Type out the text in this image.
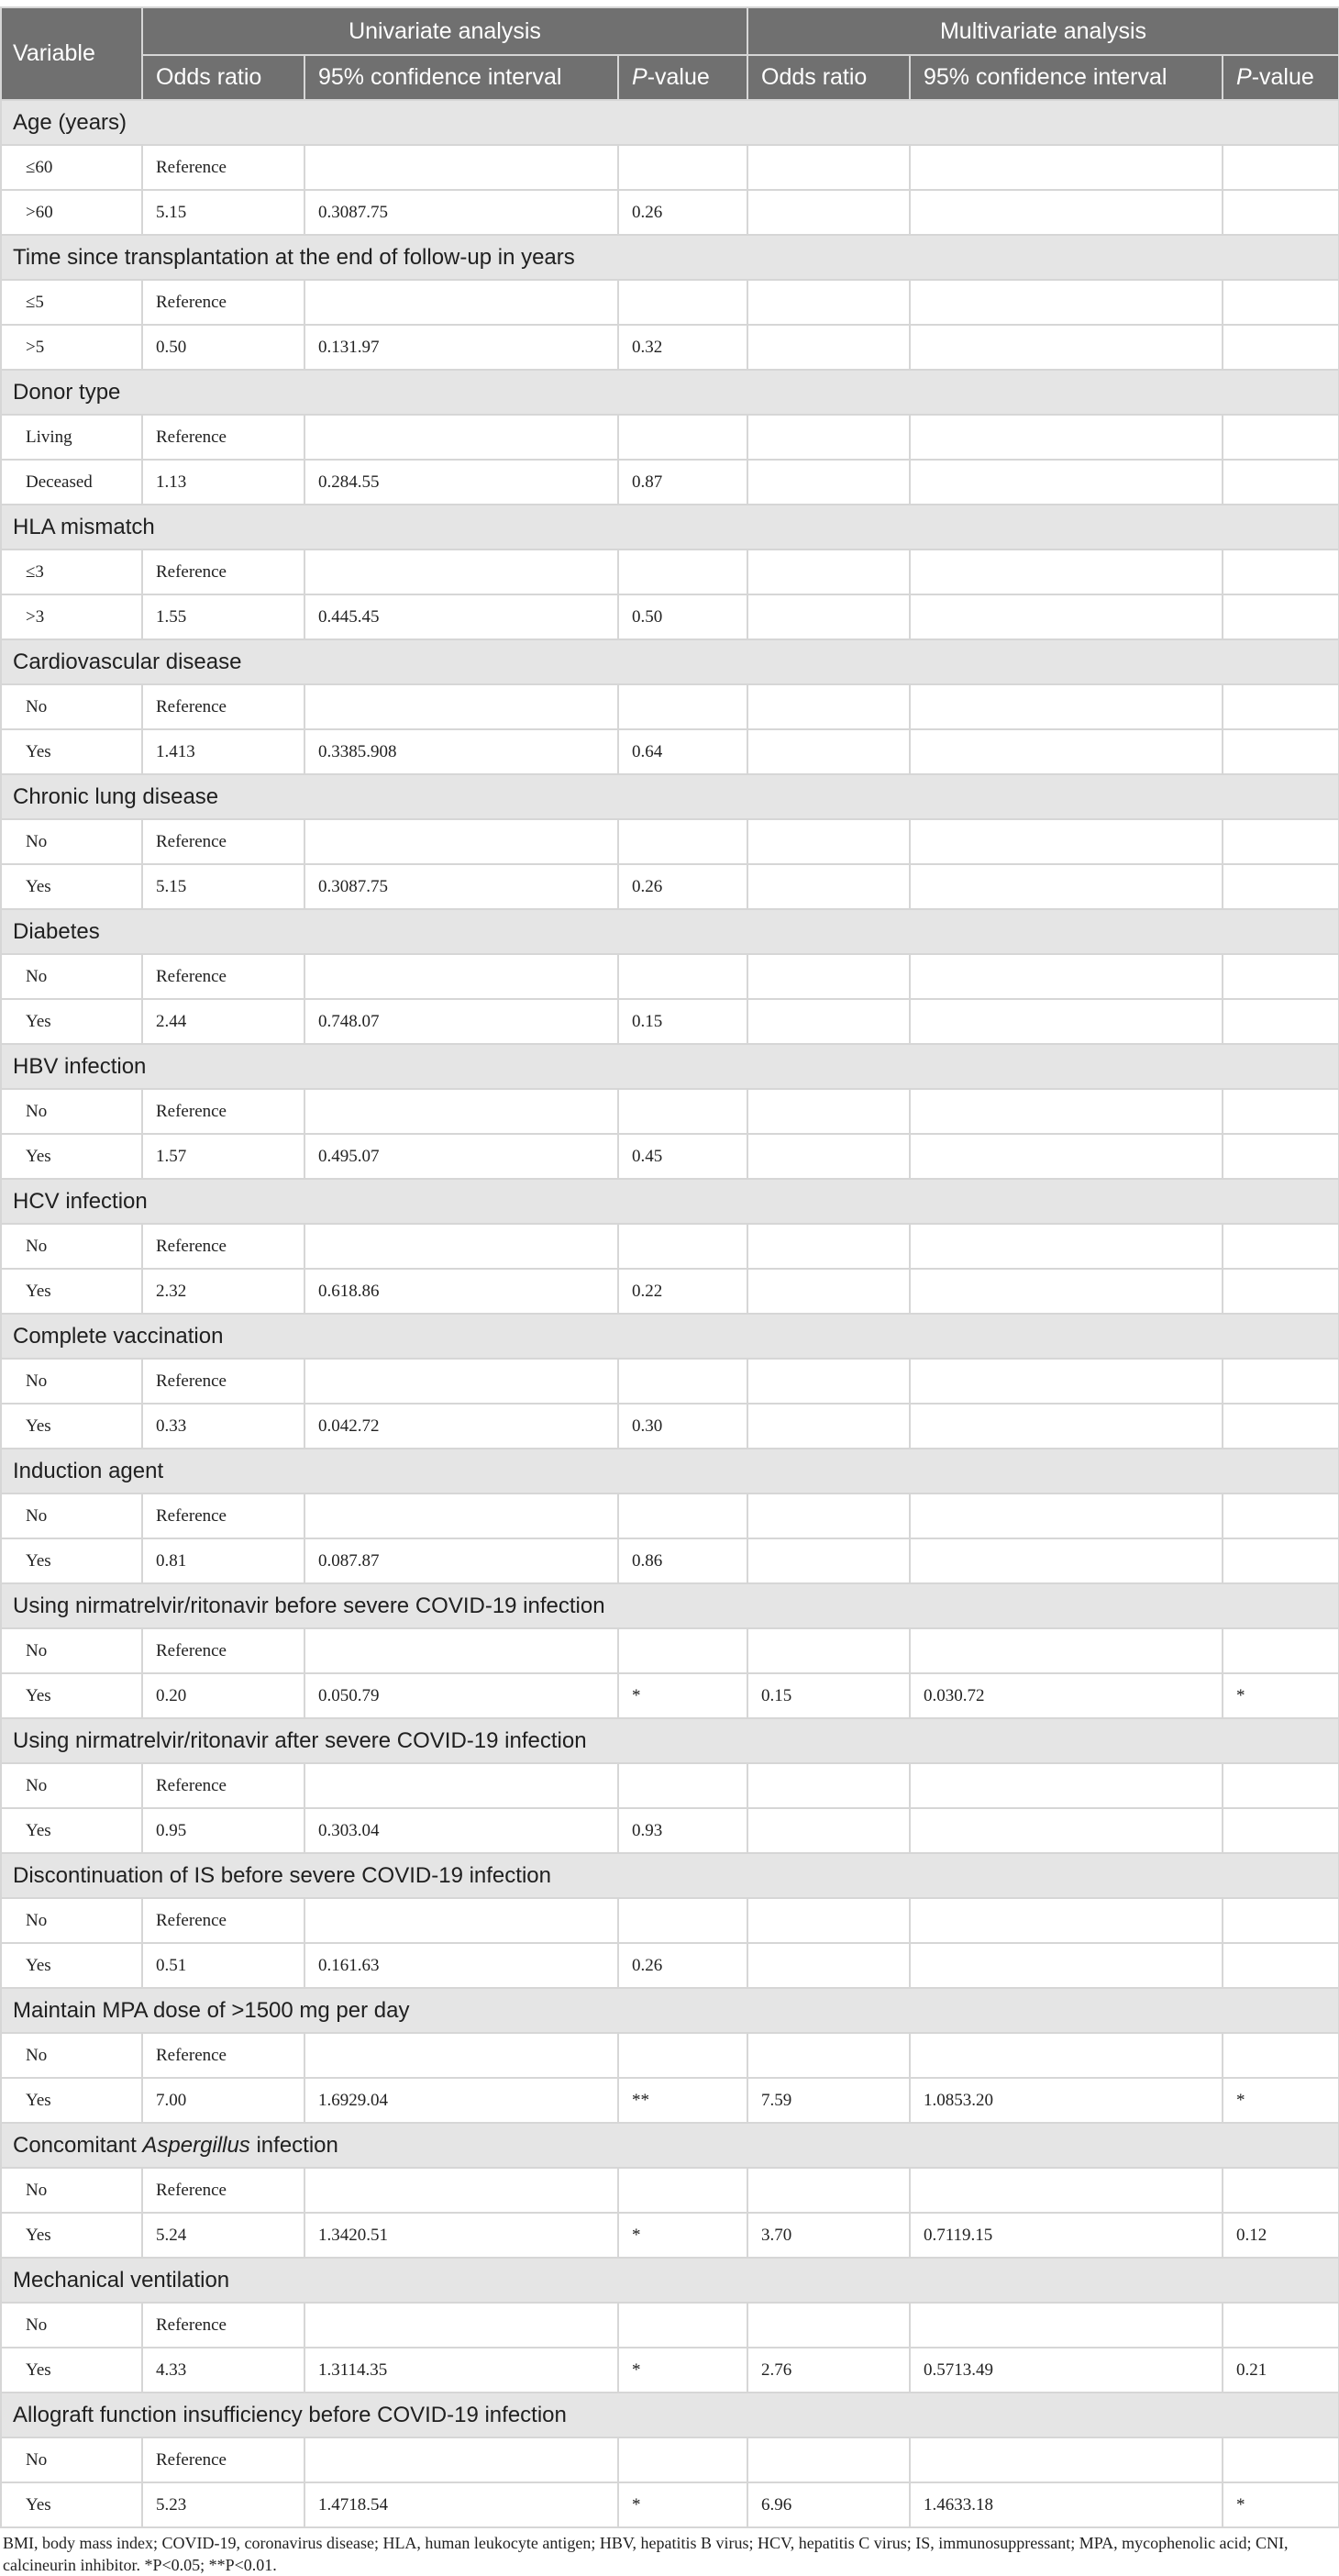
Variable	Univariate analysis			Multivariate analysis		
	Odds ratio	95% confidence interval	P-value	Odds ratio	95% confidence interval	P-value
Age (years)						
≤60	Reference					
>60	5.15	0.3087.75	0.26			
Time since transplantation at the end of follow-up in years						
≤5	Reference					
>5	0.50	0.131.97	0.32			
Donor type						
Living	Reference					
Deceased	1.13	0.284.55	0.87			
HLA mismatch						
≤3	Reference					
>3	1.55	0.445.45	0.50			
Cardiovascular disease						
No	Reference					
Yes	1.413	0.3385.908	0.64			
Chronic lung disease						
No	Reference					
Yes	5.15	0.3087.75	0.26			
Diabetes						
No	Reference					
Yes	2.44	0.748.07	0.15			
HBV infection						
No	Reference					
Yes	1.57	0.495.07	0.45			
HCV infection						
No	Reference					
Yes	2.32	0.618.86	0.22			
Complete vaccination						
No	Reference					
Yes	0.33	0.042.72	0.30			
Induction agent						
No	Reference					
Yes	0.81	0.087.87	0.86			
Using nirmatrelvir/ritonavir before severe COVID-19 infection						
No	Reference					
Yes	0.20	0.050.79	*	0.15	0.030.72	*
Using nirmatrelvir/ritonavir after severe COVID-19 infection						
No	Reference					
Yes	0.95	0.303.04	0.93			
Discontinuation of IS before severe COVID-19 infection						
No	Reference					
Yes	0.51	0.161.63	0.26			
Maintain MPA dose of >1500 mg per day						
No	Reference					
Yes	7.00	1.6929.04	**	7.59	1.0853.20	*
Concomitant Aspergillus infection						
No	Reference					
Yes	5.24	1.3420.51	*	3.70	0.7119.15	0.12
Mechanical ventilation						
No	Reference					
Yes	4.33	1.3114.35	*	2.76	0.5713.49	0.21
Allograft function insufficiency before COVID-19 infection						
No	Reference					
Yes	5.23	1.4718.54	*	6.96	1.4633.18	*
BMI, body mass index; COVID-19, coronavirus disease; HLA, human leukocyte antigen; HBV, hepatitis B virus; HCV, hepatitis C virus; IS, immunosuppressant; MPA, mycophenolic acid; CNI,
calcineurin inhibitor. *P<0.05; **P<0.01.
